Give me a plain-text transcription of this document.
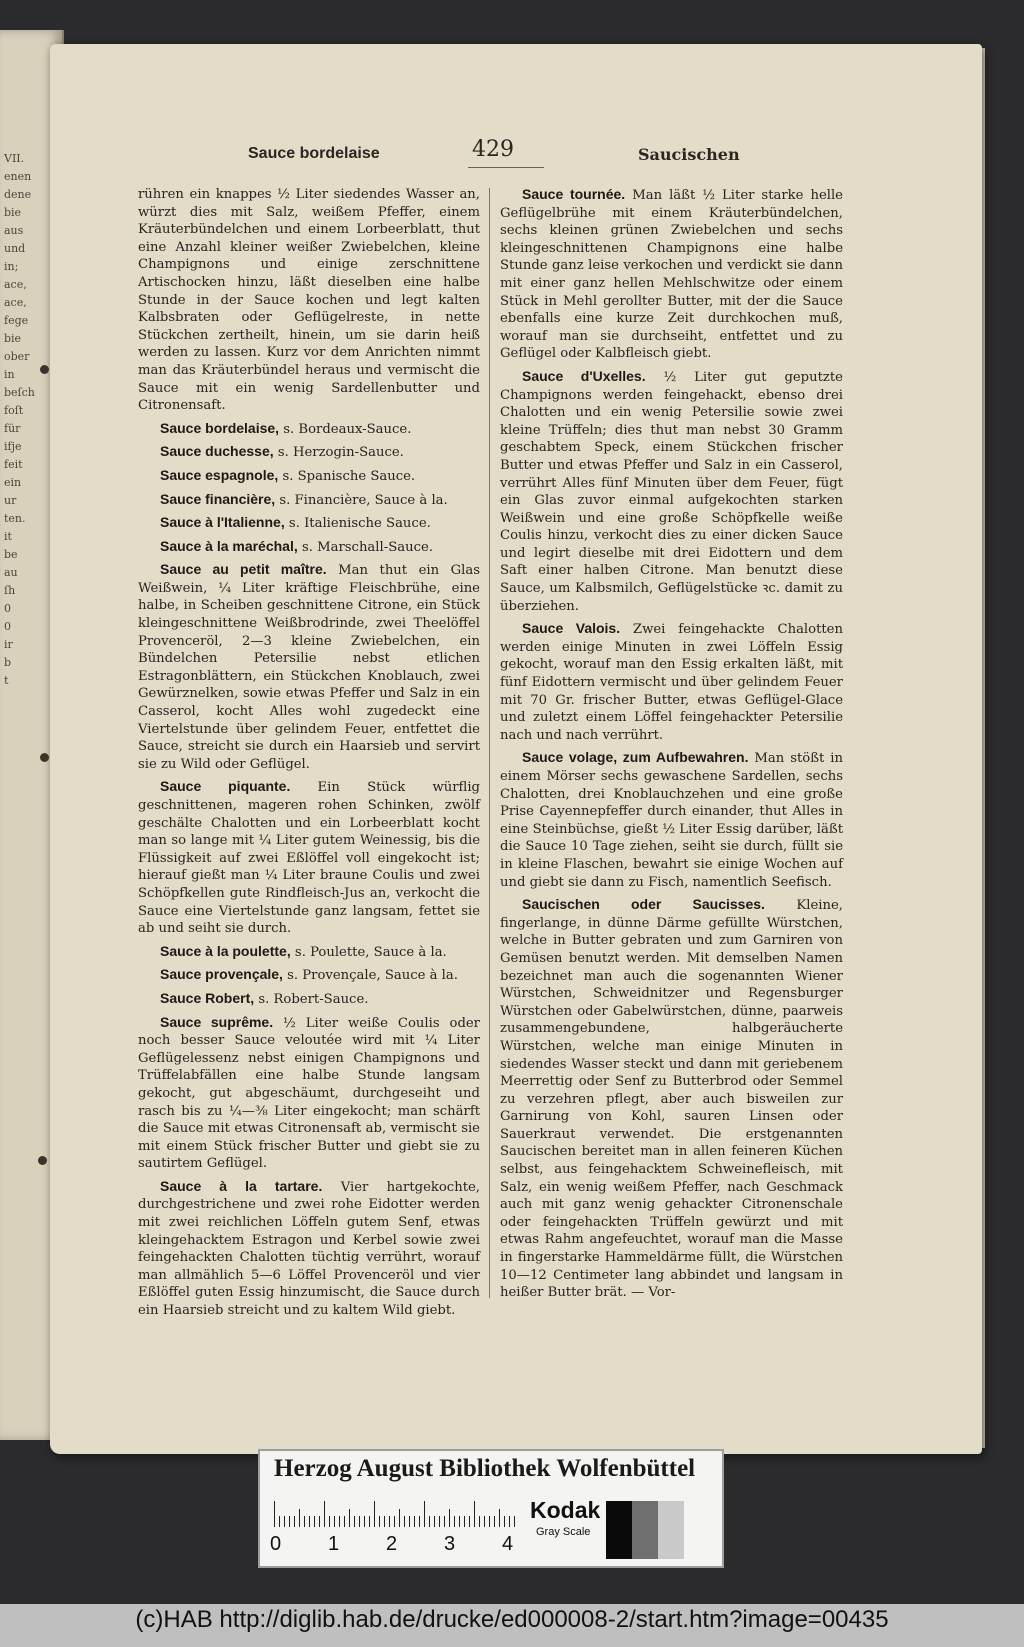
VII.
enen
dene
bie
aus
und
in;
ace,
ace,
fege
bie
ober
in
beſch
foſt
für
ifje
feit
ein
ur
ten.
it
be
au
ſh
0
0
ir
b
t
Sauce bordelaise	429	Saucischen

rühren ein knappes ½ Liter siedendes Wasser an, würzt dies mit Salz, weißem Pfeffer, einem Kräuterbündelchen und einem Lorbeerblatt, thut eine Anzahl kleiner weißer Zwiebelchen, kleine Champignons und einige zerschnittene Artischocken hinzu, läßt dieselben eine halbe Stunde in der Sauce kochen und legt kalten Kalbsbraten oder Geflügelreste, in nette Stückchen zertheilt, hinein, um sie darin heiß werden zu lassen. Kurz vor dem Anrichten nimmt man das Kräuterbündel heraus und vermischt die Sauce mit ein wenig Sardellenbutter und Citronensaft.

Sauce bordelaise, s. Bordeaux-Sauce.

Sauce duchesse, s. Herzogin-Sauce.

Sauce espagnole, s. Spanische Sauce.

Sauce financière, s. Financière, Sauce à la.

Sauce à l'Italienne, s. Italienische Sauce.

Sauce à la maréchal, s. Marschall-Sauce.

Sauce au petit maître. Man thut ein Glas Weißwein, ¼ Liter kräftige Fleischbrühe, eine halbe, in Scheiben geschnittene Citrone, ein Stück kleingeschnittene Weißbrodrinde, zwei Theelöffel Provenceröl, 2—3 kleine Zwiebelchen, ein Bündelchen Petersilie nebst etlichen Estragonblättern, ein Stückchen Knoblauch, zwei Gewürznelken, sowie etwas Pfeffer und Salz in ein Casserol, kocht Alles wohl zugedeckt eine Viertelstunde über gelindem Feuer, entfettet die Sauce, streicht sie durch ein Haarsieb und servirt sie zu Wild oder Geflügel.

Sauce piquante. Ein Stück würflig geschnittenen, mageren rohen Schinken, zwölf geschälte Chalotten und ein Lorbeerblatt kocht man so lange mit ¼ Liter gutem Weinessig, bis die Flüssigkeit auf zwei Eßlöffel voll eingekocht ist; hierauf gießt man ¼ Liter braune Coulis und zwei Schöpfkellen gute Rindfleisch-Jus an, verkocht die Sauce eine Viertelstunde ganz langsam, fettet sie ab und seiht sie durch.

Sauce à la poulette, s. Poulette, Sauce à la.

Sauce provençale, s. Provençale, Sauce à la.

Sauce Robert, s. Robert-Sauce.

Sauce suprême. ½ Liter weiße Coulis oder noch besser Sauce veloutée wird mit ¼ Liter Geflügelessenz nebst einigen Champignons und Trüffelabfällen eine halbe Stunde langsam gekocht, gut abgeschäumt, durchgeseiht und rasch bis zu ¼—⅜ Liter eingekocht; man schärft die Sauce mit etwas Citronensaft ab, vermischt sie mit einem Stück frischer Butter und giebt sie zu sautirtem Geflügel.

Sauce à la tartare. Vier hartgekochte, durchgestrichene und zwei rohe Eidotter werden mit zwei reichlichen Löffeln gutem Senf, etwas kleingehacktem Estragon und Kerbel sowie zwei feingehackten Chalotten tüchtig verrührt, worauf man allmählich 5—6 Löffel Provenceröl und vier Eßlöffel guten Essig hinzumischt, die Sauce durch ein Haarsieb streicht und zu kaltem Wild giebt.

Sauce tournée. Man läßt ½ Liter starke helle Geflügelbrühe mit einem Kräuterbündelchen, sechs kleinen grünen Zwiebelchen und sechs kleingeschnittenen Champignons eine halbe Stunde ganz leise verkochen und verdickt sie dann mit einer ganz hellen Mehlschwitze oder einem Stück in Mehl gerollter Butter, mit der die Sauce ebenfalls eine kurze Zeit durchkochen muß, worauf man sie durchseiht, entfettet und zu Geflügel oder Kalbfleisch giebt.

Sauce d'Uxelles. ½ Liter gut geputzte Champignons werden feingehackt, ebenso drei Chalotten und ein wenig Petersilie sowie zwei kleine Trüffeln; dies thut man nebst 30 Gramm geschabtem Speck, einem Stückchen frischer Butter und etwas Pfeffer und Salz in ein Casserol, verrührt Alles fünf Minuten über dem Feuer, fügt ein Glas zuvor einmal aufgekochten starken Weißwein und eine große Schöpfkelle weiße Coulis hinzu, verkocht dies zu einer dicken Sauce und legirt dieselbe mit drei Eidottern und dem Saft einer halben Citrone. Man benutzt diese Sauce, um Kalbsmilch, Geflügelstücke ꝛc. damit zu überziehen.

Sauce Valois. Zwei feingehackte Chalotten werden einige Minuten in zwei Löffeln Essig gekocht, worauf man den Essig erkalten läßt, mit fünf Eidottern vermischt und über gelindem Feuer mit 70 Gr. frischer Butter, etwas Geflügel-Glace und zuletzt einem Löffel feingehackter Petersilie nach und nach verrührt.

Sauce volage, zum Aufbewahren. Man stößt in einem Mörser sechs gewaschene Sardellen, sechs Chalotten, drei Knoblauchzehen und eine große Prise Cayennepfeffer durch einander, thut Alles in eine Steinbüchse, gießt ½ Liter Essig darüber, läßt die Sauce 10 Tage ziehen, seiht sie durch, füllt sie in kleine Flaschen, bewahrt sie einige Wochen auf und giebt sie dann zu Fisch, namentlich Seefisch.

Saucischen oder Saucisses. Kleine, fingerlange, in dünne Därme gefüllte Würstchen, welche in Butter gebraten und zum Garniren von Gemüsen benutzt werden. Mit demselben Namen bezeichnet man auch die sogenannten Wiener Würstchen, Schweidnitzer und Regensburger Würstchen oder Gabelwürstchen, dünne, paarweis zusammengebundene, halbgeräucherte Würstchen, welche man einige Minuten in siedendes Wasser steckt und dann mit geriebenem Meerrettig oder Senf zu Butterbrod oder Semmel zu verzehren pflegt, aber auch bisweilen zur Garnirung von Kohl, sauren Linsen oder Sauerkraut verwendet. Die erstgenannten Saucischen bereitet man in allen feineren Küchen selbst, aus feingehacktem Schweinefleisch, mit Salz, ein wenig weißem Pfeffer, nach Geschmack auch mit ganz wenig gehackter Citronenschale oder feingehackten Trüffeln gewürzt und mit etwas Rahm angefeuchtet, worauf man die Masse in fingerstarke Hammeldärme füllt, die Würstchen 10—12 Centimeter lang abbindet und langsam in heißer Butter brät. — Vor-

Herzog August Bibliothek Wolfenbüttel
0 1 2 3 4
Kodak
Gray Scale
(c)HAB http://diglib.hab.de/drucke/ed000008-2/start.htm?image=00435
